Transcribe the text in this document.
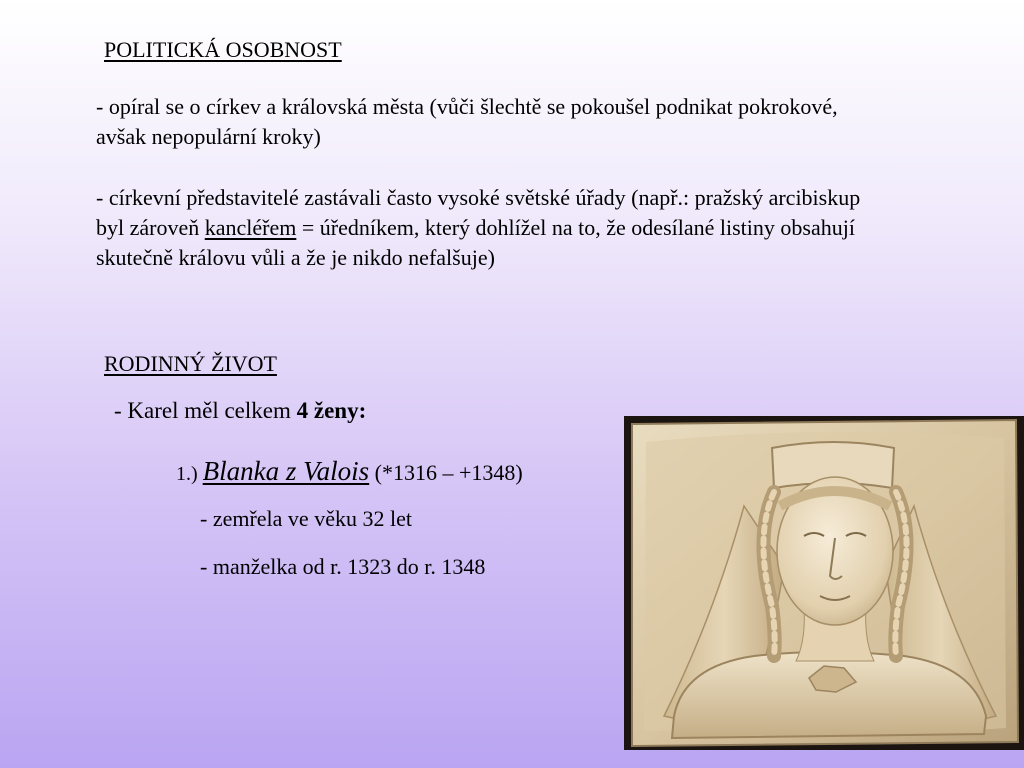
POLITICKÁ OSOBNOST
- opíral se o církev a královská města (vůči šlechtě se pokoušel podnikat pokrokové, avšak nepopulární kroky)
- církevní představitelé zastávali často vysoké světské úřady (např.: pražský arcibiskup byl zároveň kancléřem = úředníkem, který dohlížel na to, že odesílané listiny obsahují skutečně královu vůli a že je nikdo nefalšuje)
RODINNÝ ŽIVOT
- Karel měl celkem 4 ženy:
1.) Blanka z Valois (*1316 – +1348)
- zemřela ve věku 32 let
- manželka od r. 1323 do r. 1348
